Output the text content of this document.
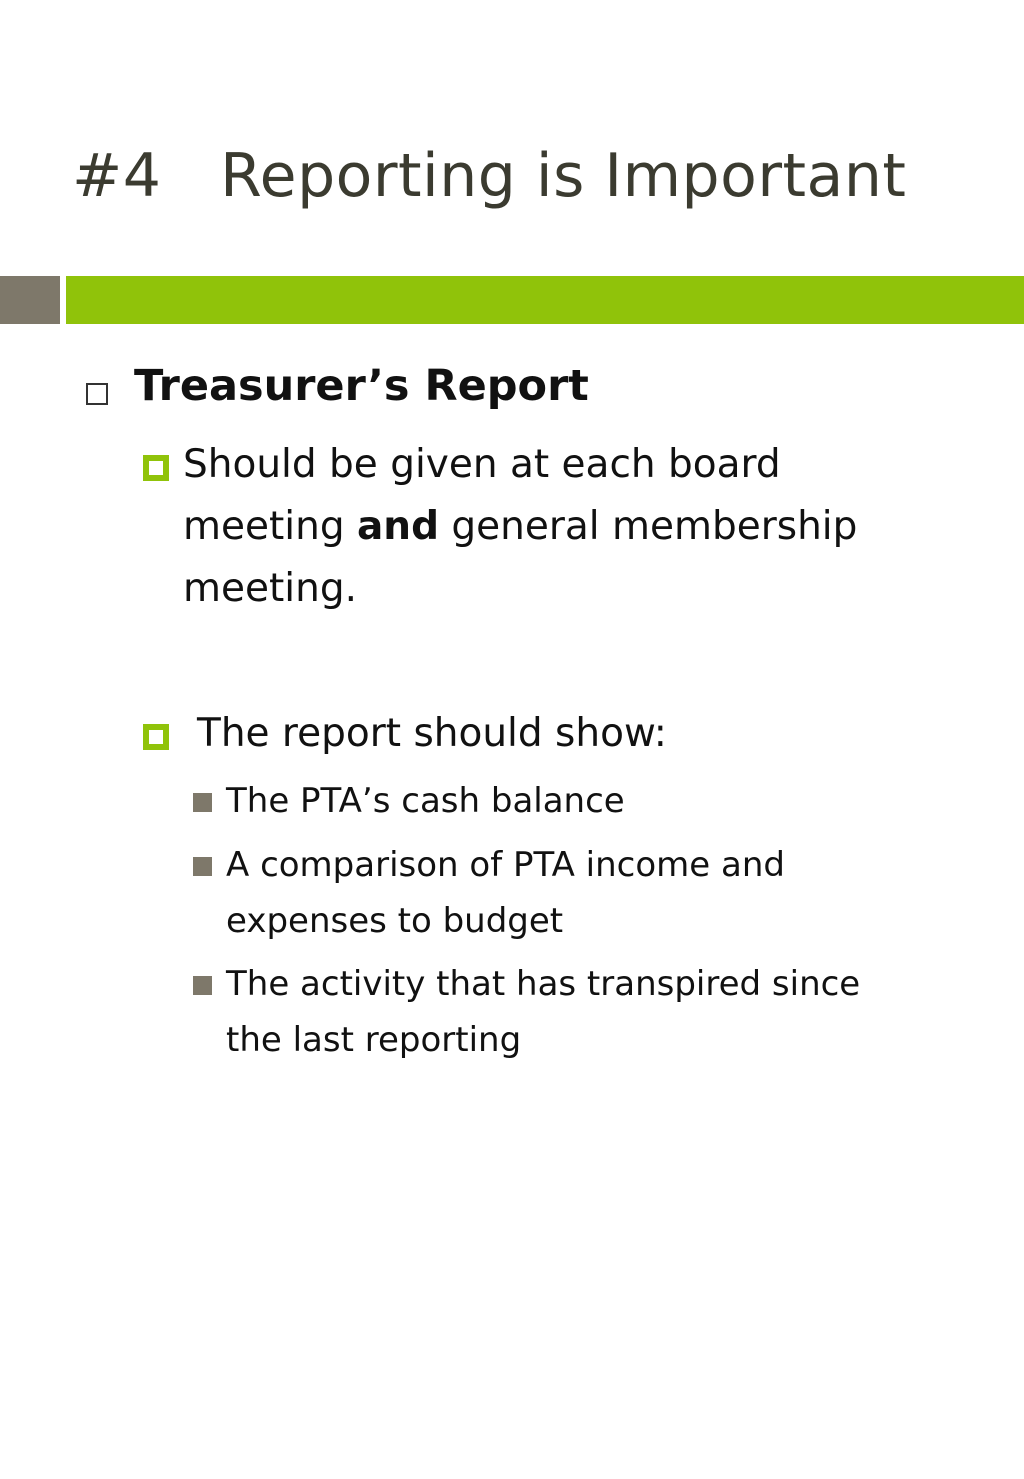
#4   Reporting is Important
Treasurer’s Report

Should be given at each board meeting and general membership meeting.

The report should show:

The PTA’s cash balance

A comparison of PTA income and expenses to budget

The activity that has transpired since the last reporting
